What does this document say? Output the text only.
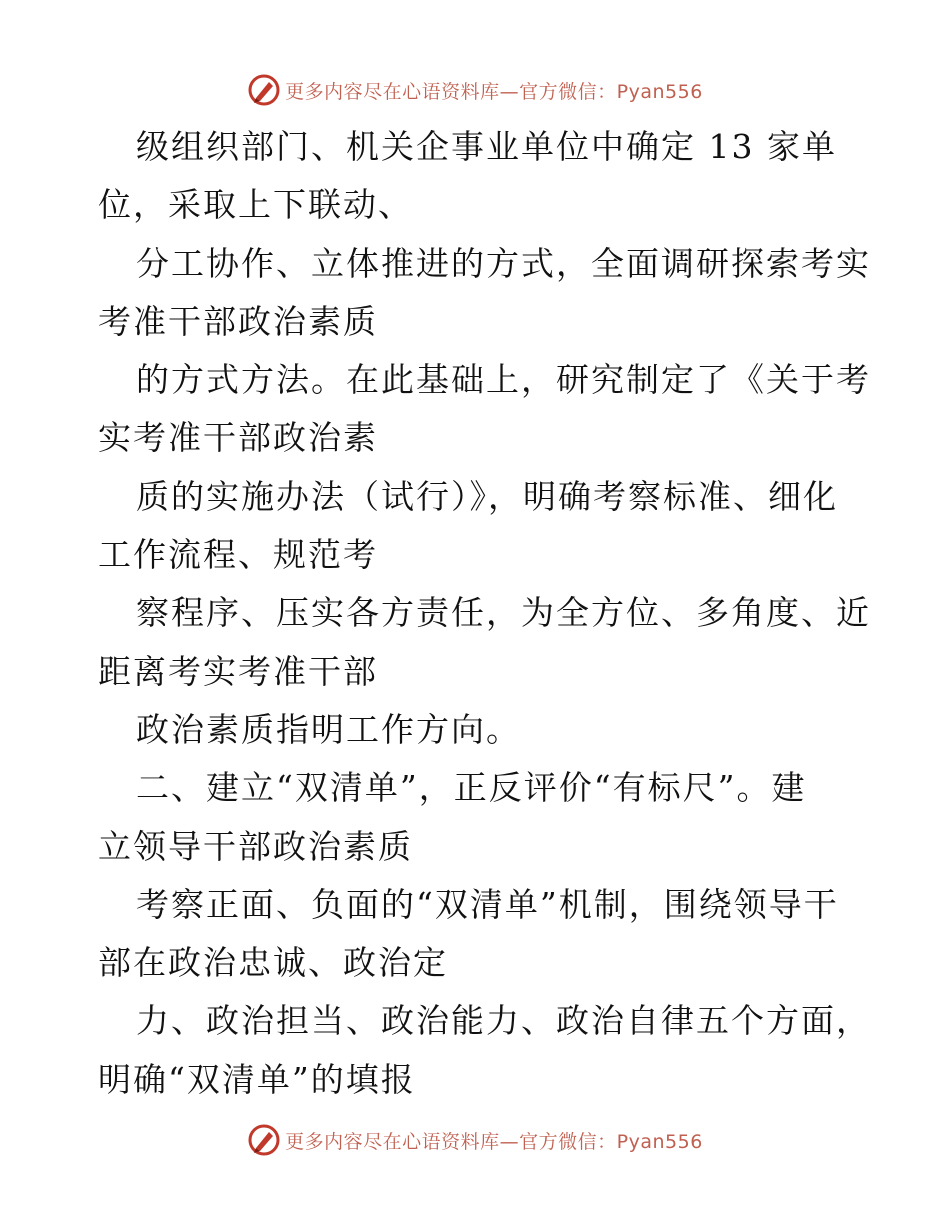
更多内容尽在心语资料库—官方微信：Pyan556
级组织部门、机关企事业单位中确定 13 家单
位，采取上下联动、
分工协作、立体推进的方式，全面调研探索考实
考准干部政治素质
的方式方法。在此基础上，研究制定了《关于考
实考准干部政治素
质的实施办法（试行）》，明确考察标准、细化
工作流程、规范考
察程序、压实各方责任，为全方位、多角度、近
距离考实考准干部
政治素质指明工作方向。
二、建立“双清单”，正反评价“有标尺”。建
立领导干部政治素质
考察正面、负面的“双清单”机制，围绕领导干
部在政治忠诚、政治定
力、政治担当、政治能力、政治自律五个方面，
明确“双清单”的填报
更多内容尽在心语资料库—官方微信：Pyan556
